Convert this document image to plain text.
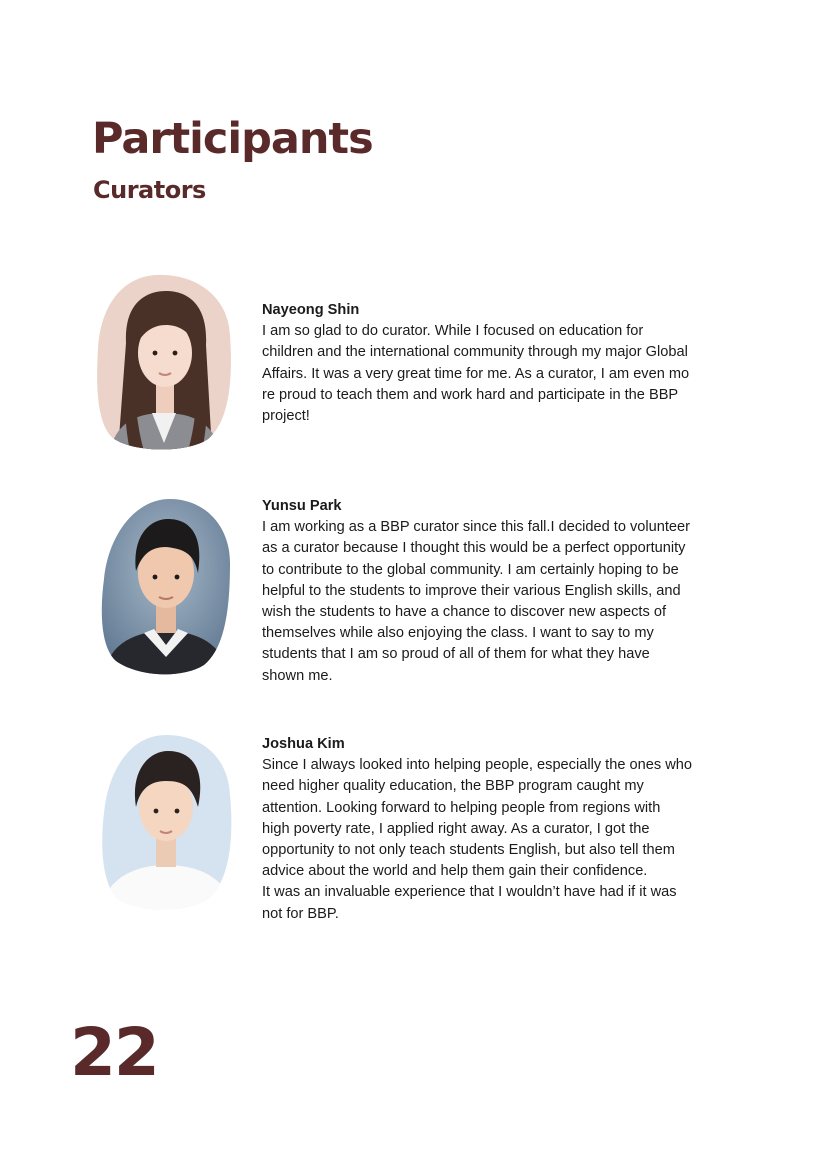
Participants
Curators
Nayeong Shin
I am so glad to do curator. While I focused on education for
children and the international community through my major Global
Affairs. It was a very great time for me. As a curator, I am even mo
re proud to teach them and work hard and participate in the BBP
project!
Yunsu Park
I am working as a BBP curator since this fall.I decided to volunteer
as a curator because I thought this would be a perfect opportunity
to contribute to the global community. I am certainly hoping to be
helpful to the students to improve their various English skills, and
wish the students to have a chance to discover new aspects of
themselves while also enjoying the class. I want to say to my
students that I am so proud of all of them for what they have
shown me.
Joshua Kim
Since I always looked into helping people, especially the ones who
need higher quality education, the BBP program caught my
attention. Looking forward to helping people from regions with
high poverty rate, I applied right away. As a curator, I got the
opportunity to not only teach students English, but also tell them
advice about the world and help them gain their confidence.
It was an invaluable experience that I wouldn’t have had if it was
not for BBP.
22
